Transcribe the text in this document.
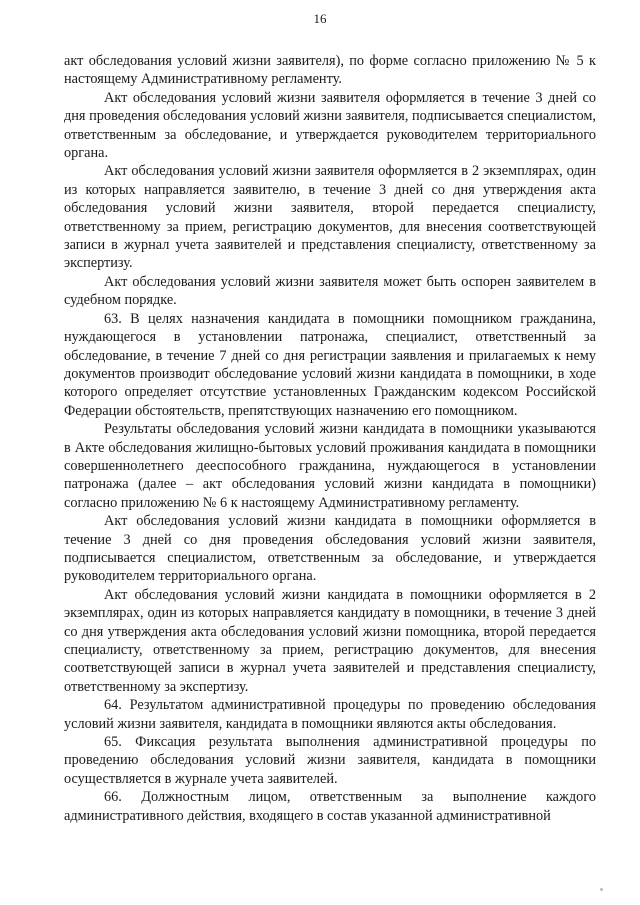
16

акт обследования условий жизни заявителя), по форме согласно приложению № 5 к настоящему Административному регламенту.

Акт обследования условий жизни заявителя оформляется в течение 3 дней со дня проведения обследования условий жизни заявителя, подписывается специалистом, ответственным за обследование, и утверждается руководителем территориального органа.

Акт обследования условий жизни заявителя оформляется в 2 экземплярах, один из которых направляется заявителю, в течение 3 дней со дня утверждения акта обследования условий жизни заявителя, второй передается специалисту, ответственному за прием, регистрацию документов, для внесения соответствующей записи в журнал учета заявителей и представления специалисту, ответственному за экспертизу.

Акт обследования условий жизни заявителя может быть оспорен заявителем в судебном порядке.

63. В целях назначения кандидата в помощники помощником гражданина, нуждающегося в установлении патронажа, специалист, ответственный за обследование, в течение 7 дней со дня регистрации заявления и прилагаемых к нему документов производит обследование условий жизни кандидата в помощники, в ходе которого определяет отсутствие установленных Гражданским кодексом Российской Федерации обстоятельств, препятствующих назначению его помощником.

Результаты обследования условий жизни кандидата в помощники указываются в Акте обследования жилищно-бытовых условий проживания кандидата в помощники совершеннолетнего дееспособного гражданина, нуждающегося в установлении патронажа (далее – акт обследования условий жизни кандидата в помощники) согласно приложению № 6 к настоящему Административному регламенту.

Акт обследования условий жизни кандидата в помощники оформляется в течение 3 дней со дня проведения обследования условий жизни заявителя, подписывается специалистом, ответственным за обследование, и утверждается руководителем территориального органа.

Акт обследования условий жизни кандидата в помощники оформляется в 2 экземплярах, один из которых направляется кандидату в помощники, в течение 3 дней со дня утверждения акта обследования условий жизни помощника, второй передается специалисту, ответственному за прием, регистрацию документов, для внесения соответствующей записи в журнал учета заявителей и представления специалисту, ответственному за экспертизу.

64. Результатом административной процедуры по проведению обследования условий жизни заявителя, кандидата в помощники являются акты обследования.

65. Фиксация результата выполнения административной процедуры по проведению обследования условий жизни заявителя, кандидата в помощники осуществляется в журнале учета заявителей.

66. Должностным лицом, ответственным за выполнение каждого административного действия, входящего в состав указанной административной
